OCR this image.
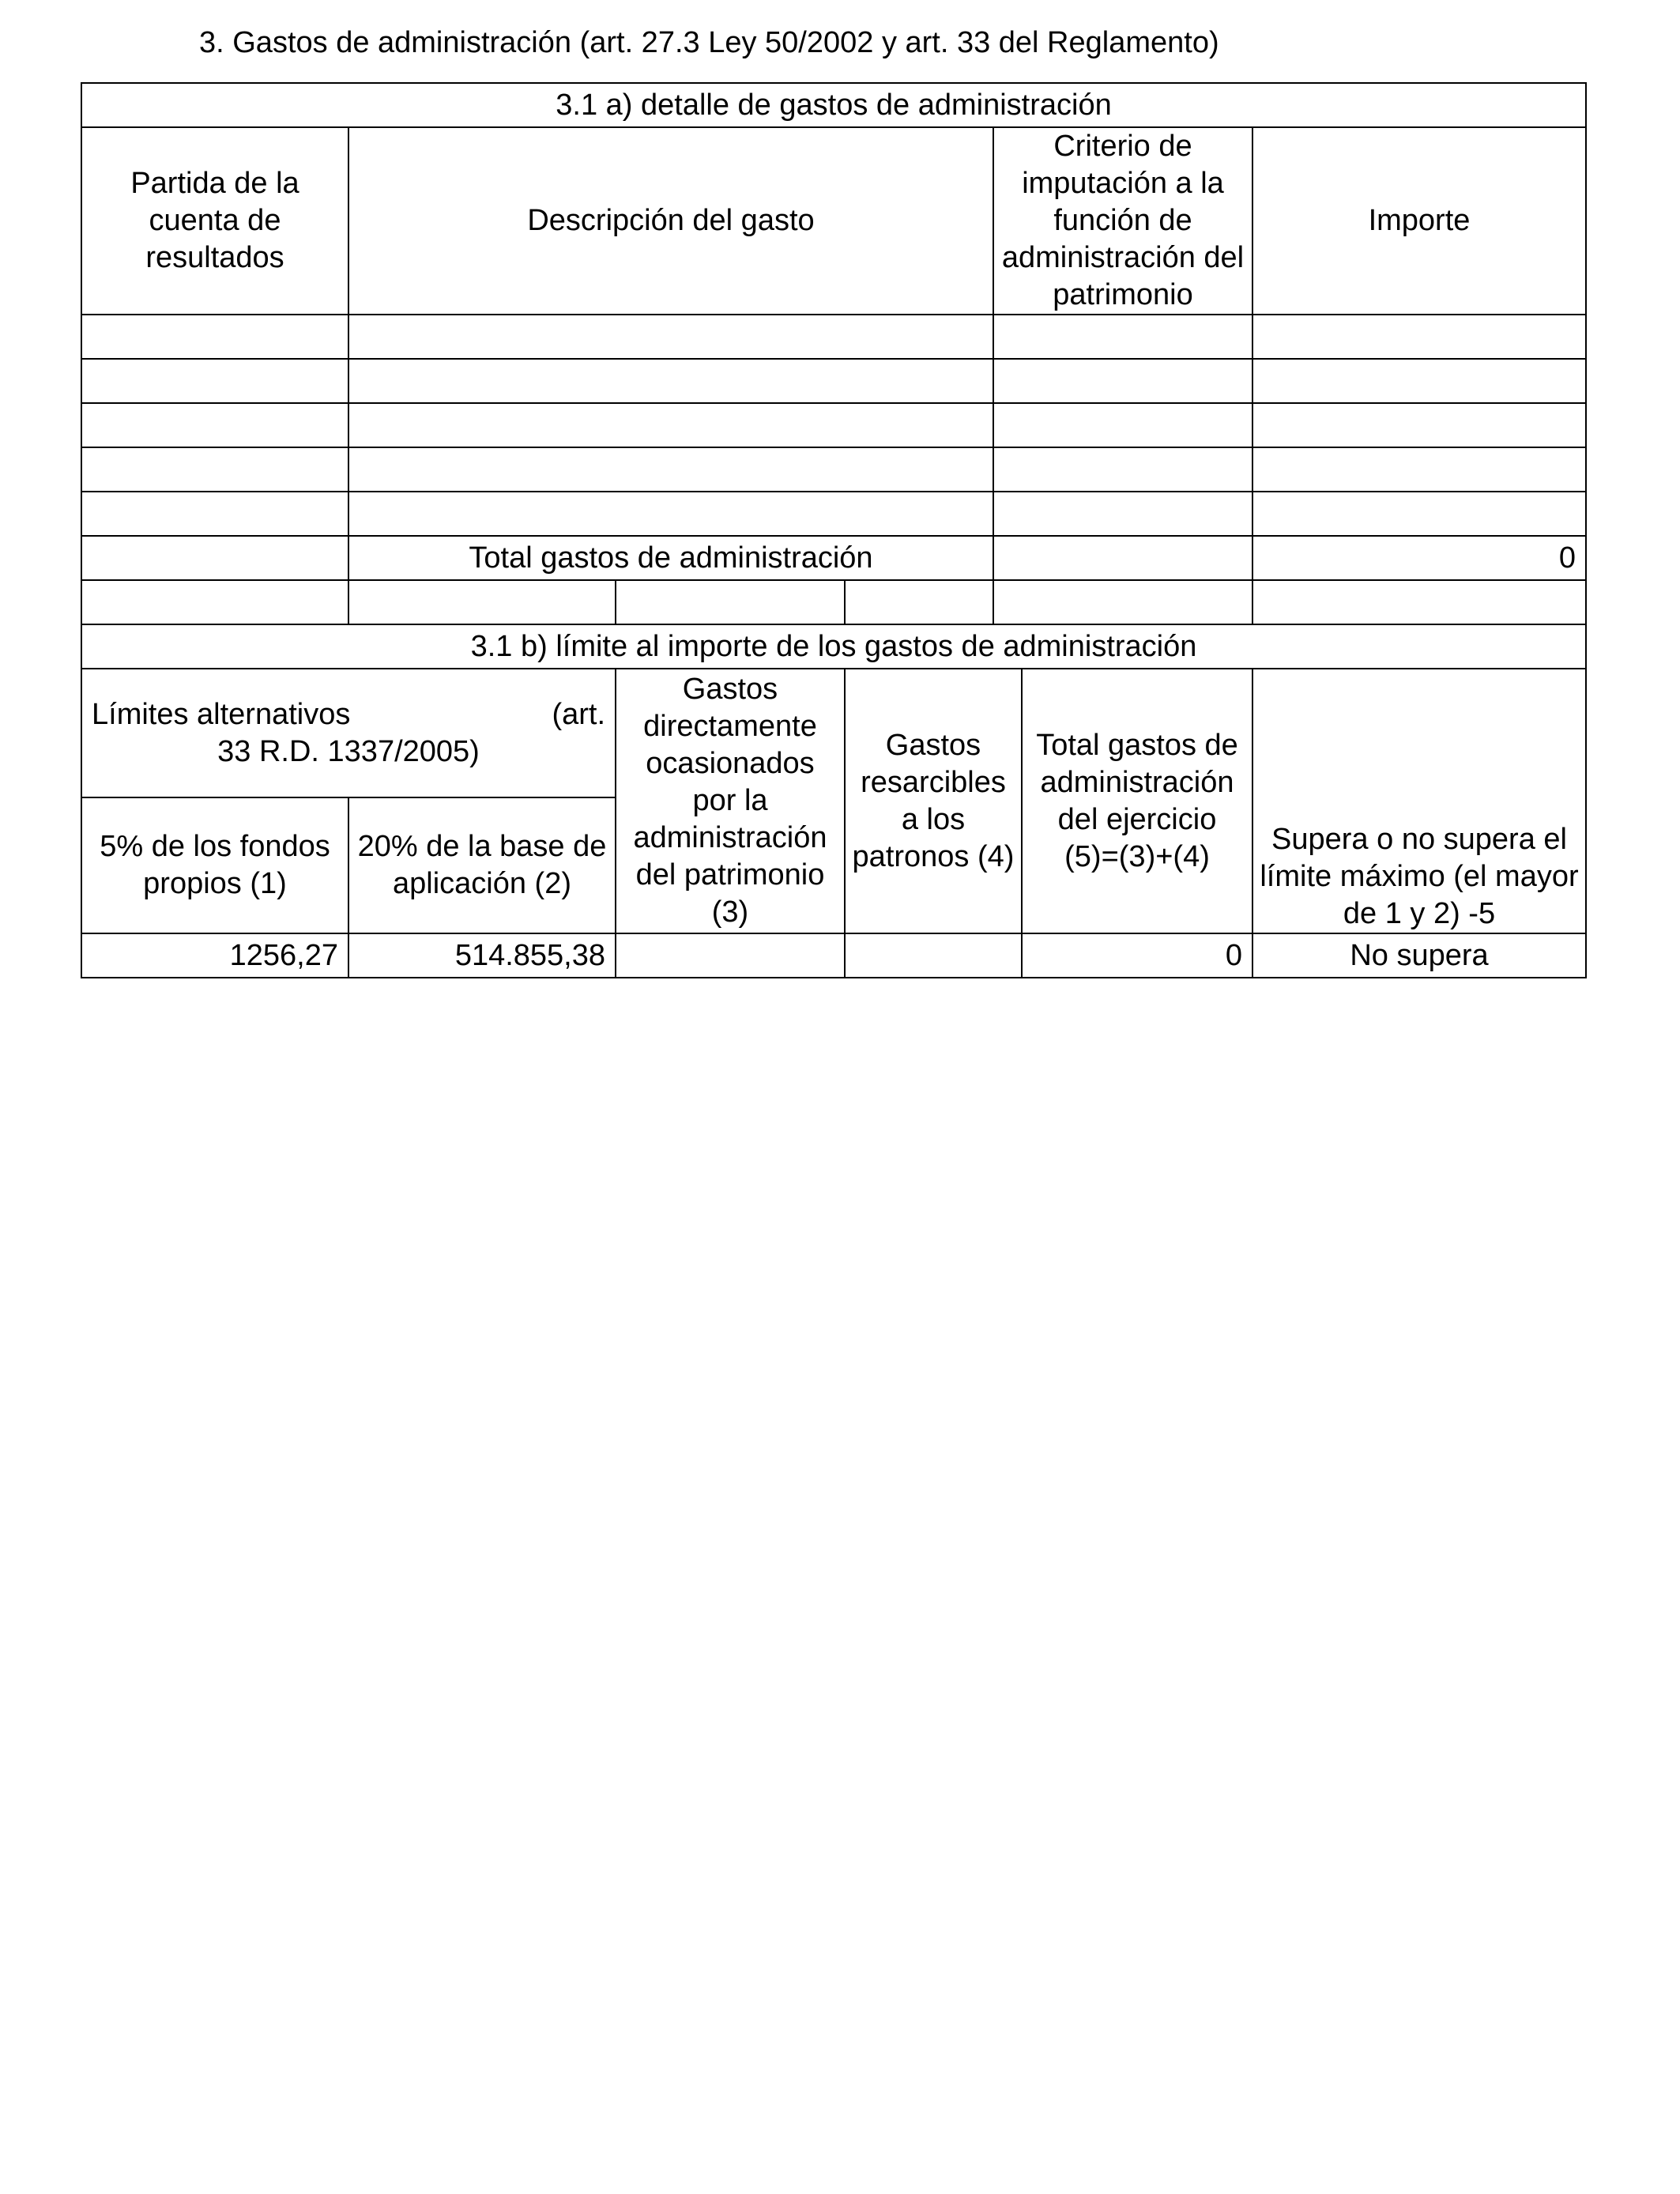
3. Gastos de administración (art. 27.3 Ley 50/2002 y art. 33 del Reglamento)
3.1 a) detalle de gastos de administración						
Partida de la cuenta de resultados	Descripción del gasto			Criterio de imputación a la función de administración del patrimonio		Importe

	Total gastos de administración					0

3.1 b) límite al importe de los gastos de administración						

Límites alternativos (art.
33 R.D. 1337/2005)		Gastos directamente ocasionados por la administración del patrimonio (3)	Gastos resarcibles a los patronos (4)		Total gastos de administración del ejercicio (5)=(3)+(4)	Supera o no supera el límite máximo (el mayor de 1 y 2) -5
5% de los fondos propios (1)	20% de la base de aplicación (2)					
1256,27	514.855,38				0	No supera
